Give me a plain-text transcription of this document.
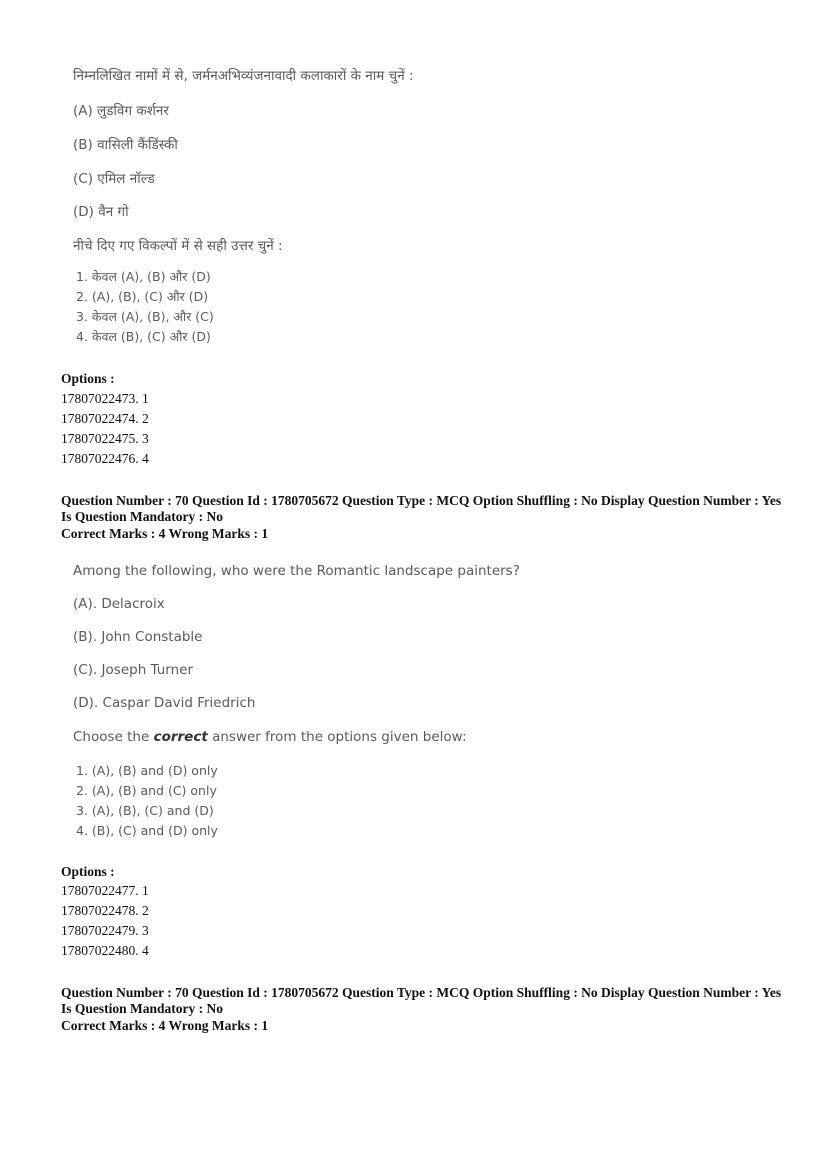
निम्नलिखित नामों में से, जर्मनअभिव्यंजनावादी कलाकारों के नाम चुनें :

(A) लुडविग कर्शनर

(B) वासिली कैंडिंस्की

(C) एमिल नॉल्ड

(D) वैन गो

नीचे दिए गए विकल्पों में से सही उत्तर चुनें :

1. केवल (A), (B) और (D)
2. (A), (B), (C) और (D)
3. केवल (A), (B), और (C)
4. केवल (B), (C) और (D)

Options :

17807022473. 1
17807022474. 2
17807022475. 3
17807022476. 4

Question Number : 70 Question Id : 1780705672 Question Type : MCQ Option Shuffling : No Display Question Number : Yes

Is Question Mandatory : No

Correct Marks : 4 Wrong Marks : 1

Among the following, who were the Romantic landscape painters?

(A). Delacroix

(B). John Constable

(C). Joseph Turner

(D). Caspar David Friedrich

Choose the correct answer from the options given below:

1. (A), (B) and (D) only
2. (A), (B) and (C) only
3. (A), (B), (C) and (D)
4. (B), (C) and (D) only

Options :

17807022477. 1
17807022478. 2
17807022479. 3
17807022480. 4

Question Number : 70 Question Id : 1780705672 Question Type : MCQ Option Shuffling : No Display Question Number : Yes

Is Question Mandatory : No

Correct Marks : 4 Wrong Marks : 1
